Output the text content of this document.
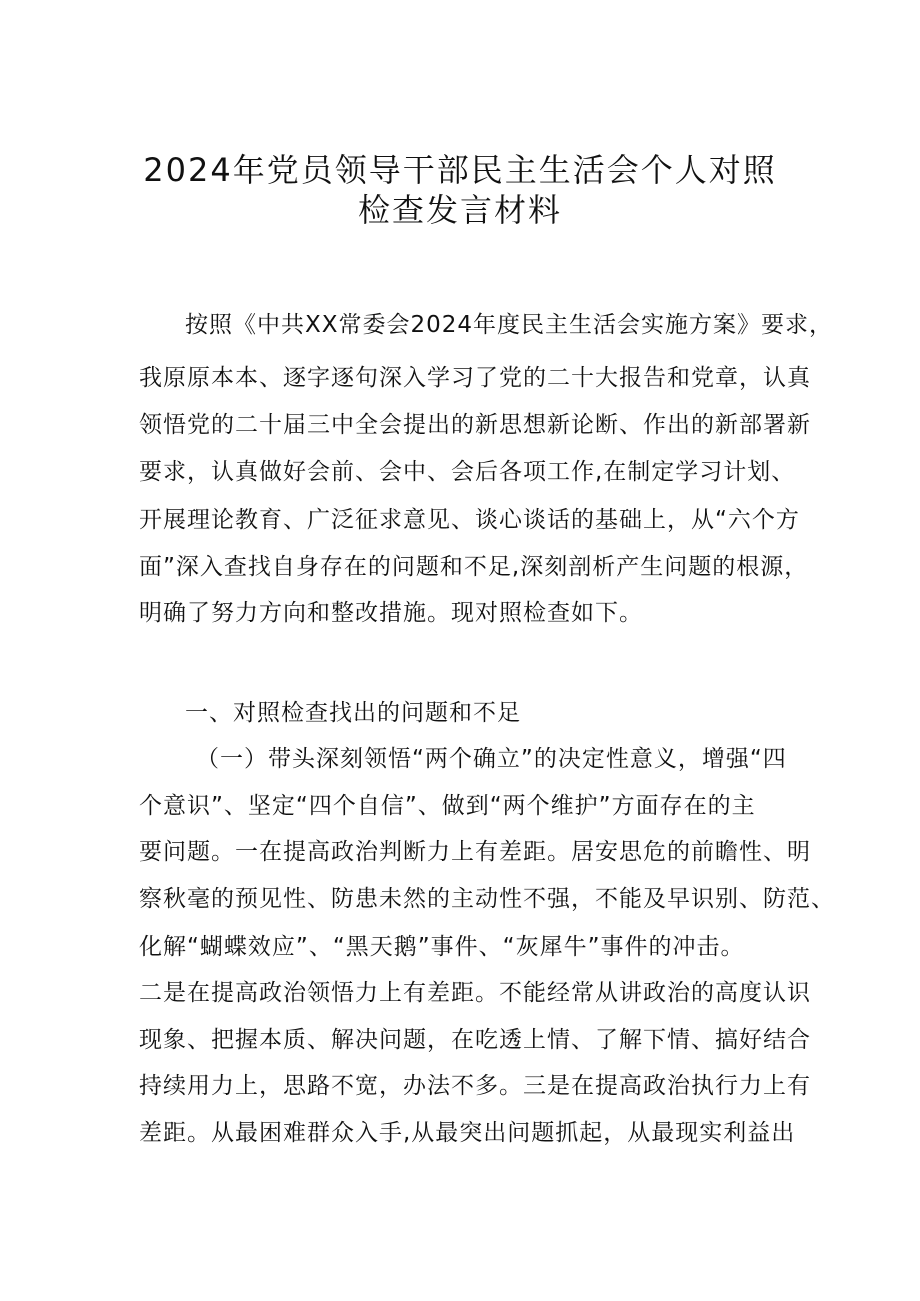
2024年党员领导干部民主生活会个人对照
检查发言材料
按照《中共XX常委会2024年度民主生活会实施方案》要求，
我原原本本、逐字逐句深入学习了党的二十大报告和党章，认真
领悟党的二十届三中全会提出的新思想新论断、作出的新部署新
要求，认真做好会前、会中、会后各项工作,在制定学习计划、
开展理论教育、广泛征求意见、谈心谈话的基础上，从“六个方
面”深入查找自身存在的问题和不足,深刻剖析产生问题的根源，
明确了努力方向和整改措施。现对照检查如下。
一、对照检查找出的问题和不足
（一）带头深刻领悟“两个确立”的决定性意义，增强“四
个意识”、坚定“四个自信”、做到“两个维护”方面存在的主
要问题。一在提高政治判断力上有差距。居安思危的前瞻性、明
察秋毫的预见性、防患未然的主动性不强，不能及早识别、防范、
化解“蝴蝶效应”、“黑天鹅”事件、“灰犀牛”事件的冲击。
二是在提高政治领悟力上有差距。不能经常从讲政治的高度认识
现象、把握本质、解决问题，在吃透上情、了解下情、搞好结合
持续用力上，思路不宽，办法不多。三是在提高政治执行力上有
差距。从最困难群众入手,从最突出问题抓起，从最现实利益出
